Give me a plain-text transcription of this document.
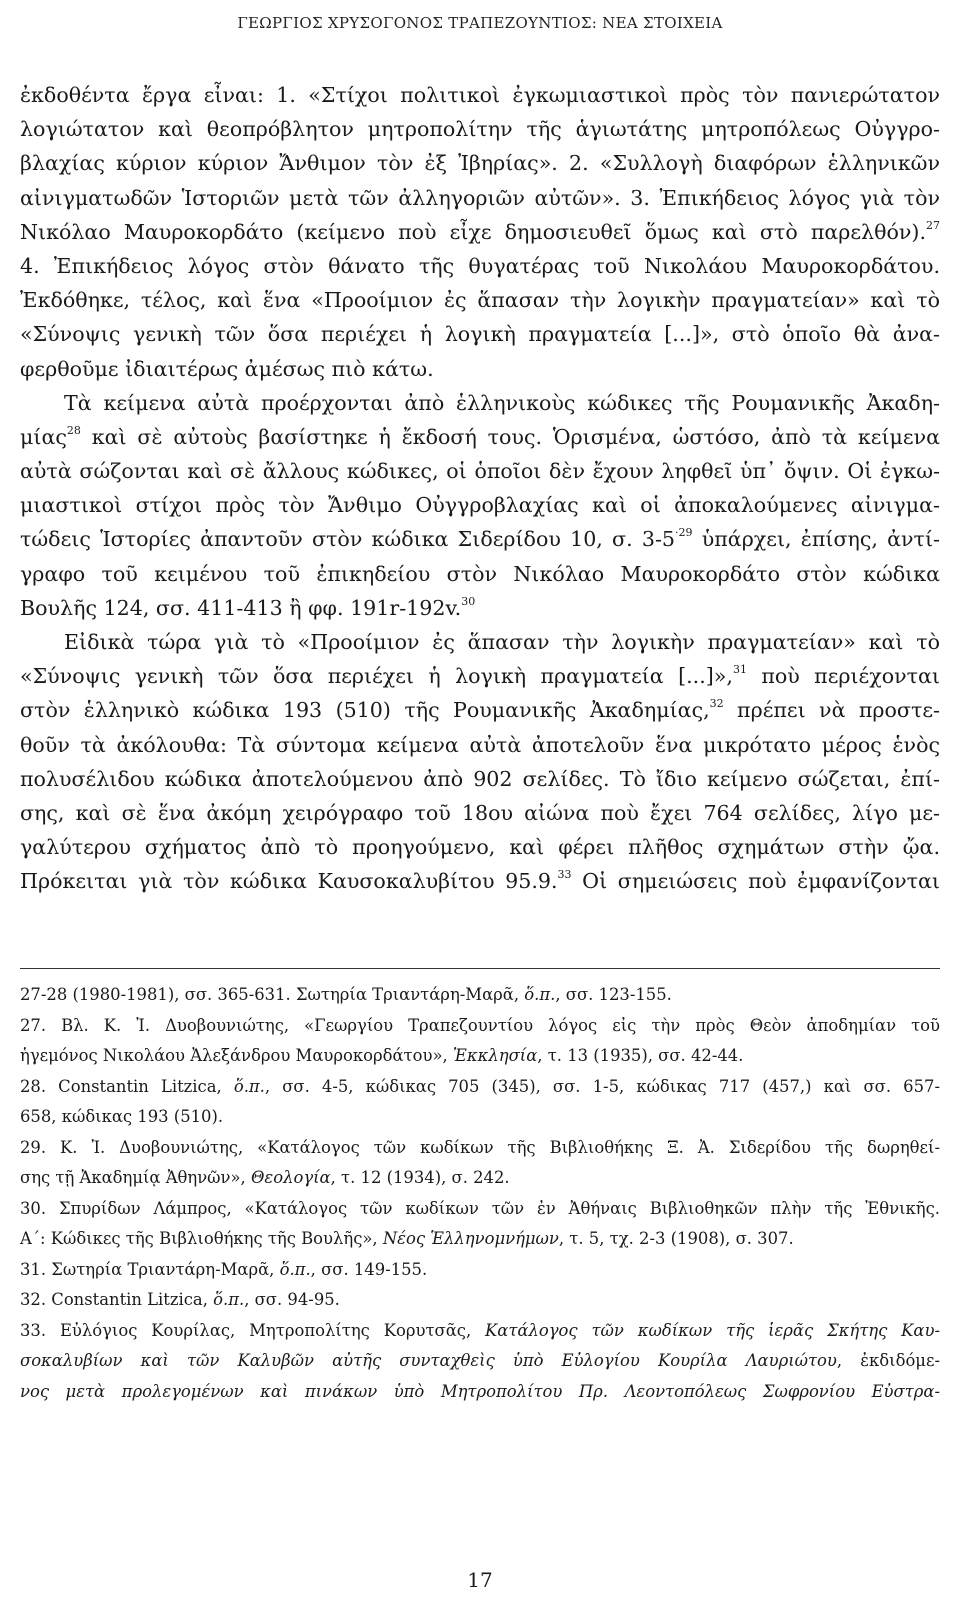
ΓΕΩΡΓΙΟΣ ΧΡΥΣΟΓΟΝΟΣ ΤΡΑΠΕΖΟΥΝΤΙΟΣ: ΝΕΑ ΣΤΟΙΧΕΙΑ
ἐκδοθέντα ἔργα εἶναι: 1. «Στίχοι πολιτικοὶ ἐγκωμιαστικοὶ πρὸς τὸν πανιερώτατον
λογιώτατον καὶ θεοπρόβλητον μητροπολίτην τῆς ἁγιωτάτης μητροπόλεως Οὐγγρο-
βλαχίας κύριον κύριον Ἄνθιμον τὸν ἐξ Ἰβηρίας». 2. «Συλλογὴ διαφόρων ἑλληνικῶν
αἰνιγματωδῶν Ἱστοριῶν μετὰ τῶν ἀλληγοριῶν αὐτῶν». 3. Ἐπικήδειος λόγος γιὰ τὸν
Νικόλαο Μαυροκορδάτο (κείμενο ποὺ εἶχε δημοσιευθεῖ ὅμως καὶ στὸ παρελθόν).$^{27}$
4. Ἐπικήδειος λόγος στὸν θάνατο τῆς θυγατέρας τοῦ Νικολάου Μαυροκορδάτου.
Ἐκδόθηκε, τέλος, καὶ ἕνα «Προοίμιον ἐς ἅπασαν τὴν λογικὴν πραγματείαν» καὶ τὸ
«Σύνοψις γενικὴ τῶν ὅσα περιέχει ἡ λογικὴ πραγματεία [...]», στὸ ὁποῖο θὰ ἀνα-
φερθοῦμε ἰδιαιτέρως ἀμέσως πιὸ κάτω.
Τὰ κείμενα αὐτὰ προέρχονται ἀπὸ ἑλληνικοὺς κώδικες τῆς Ρουμανικῆς Ἀκαδη-
μίας$^{28}$ καὶ σὲ αὐτοὺς βασίστηκε ἡ ἔκδοσή τους. Ὁρισμένα, ὡστόσο, ἀπὸ τὰ κείμενα
αὐτὰ σώζονται καὶ σὲ ἄλλους κώδικες, οἱ ὁποῖοι δὲν ἔχουν ληφθεῖ ὑπ᾿ ὄψιν. Οἱ ἐγκω-
μιαστικοὶ στίχοι πρὸς τὸν Ἄνθιμο Οὐγγροβλαχίας καὶ οἱ ἀποκαλούμενες αἰνιγμα-
τώδεις Ἱστορίες ἀπαντοῦν στὸν κώδικα Σιδερίδου 10, σ. $3-5^{\cdot 29}$ ὑπάρχει, ἐπίσης, ἀντί-
γραφο τοῦ κειμένου τοῦ ἐπικηδείου στὸν Νικόλαο Μαυροκορδάτο στὸν κώδικα
Βουλῆς 124, σσ. 411-413 ἢ φφ. 191r-192v.$^{30}$
Εἰδικὰ τώρα γιὰ τὸ «Προοίμιον ἐς ἅπασαν τὴν λογικὴν πραγματείαν» καὶ τὸ
«Σύνοψις γενικὴ τῶν ὅσα περιέχει ἡ λογικὴ πραγματεία [...]»,$^{31}$ ποὺ περιέχονται
στὸν ἑλληνικὸ κώδικα 193 (510) τῆς Ρουμανικῆς Ἀκαδημίας,$^{32}$ πρέπει νὰ προστε-
θοῦν τὰ ἀκόλουθα: Τὰ σύντομα κείμενα αὐτὰ ἀποτελοῦν ἕνα μικρότατο μέρος ἑνὸς
πολυσέλιδου κώδικα ἀποτελούμενου ἀπὸ 902 σελίδες. Τὸ ἴδιο κείμενο σώζεται, ἐπί-
σης, καὶ σὲ ἕνα ἀκόμη χειρόγραφο τοῦ 18ου αἰώνα ποὺ ἔχει 764 σελίδες, λίγο με-
γαλύτερου σχήματος ἀπὸ τὸ προηγούμενο, καὶ φέρει πλῆθος σχημάτων στὴν ᾤα.
Πρόκειται γιὰ τὸν κώδικα Καυσοκαλυβίτου 95.9.33 Οἱ σημειώσεις ποὺ ἐμφανίζονται
27-28 (1980-1981), σσ. 365-631. Σωτηρία Τριαντάρη-Μαρᾶ, ὅ.π., σσ. 123-155.
27. Βλ. Κ. Ἰ. Δυοβουνιώτης, «Γεωργίου Τραπεζουντίου λόγος εἰς τὴν πρὸς Θεὸν ἀποδημίαν τοῦ
ἡγεμόνος Νικολάου Ἀλεξάνδρου Μαυροκορδάτου», Ἐκκλησία, τ. 13 (1935), σσ. 42-44.
28. Constantin Litzica, ὅ.π., σσ. 4-5, κώδικας 705 (345), σσ. 1-5, κώδικας 717 (457,) καὶ σσ. 657-
658, κώδικας 193 (510).
29. Κ. Ἰ. Δυοβουνιώτης, «Κατάλογος τῶν κωδίκων τῆς Βιβλιοθήκης Ξ. Ἀ. Σιδερίδου τῆς δωρηθεί-
σης τῇ Ἀκαδημίᾳ Ἀθηνῶν», Θεολογία, τ. 12 (1934), σ. 242.
30. Σπυρίδων Λάμπρος, «Κατάλογος τῶν κωδίκων τῶν ἐν Ἀθήναις Βιβλιοθηκῶν πλὴν τῆς Ἐθνικῆς.
Α΄: Κώδικες τῆς Βιβλιοθήκης τῆς Βουλῆς», Νέος Ἑλληνομνήμων, τ. 5, τχ. 2-3 (1908), σ. 307.
31. Σωτηρία Τριαντάρη-Μαρᾶ, ὅ.π., σσ. 149-155.
32. Constantin Litzica, ὅ.π., σσ. 94-95.
33. Εὐλόγιος Κουρίλας, Μητροπολίτης Κορυτσᾶς, Κατάλογος τῶν κωδίκων τῆς ἱερᾶς Σκήτης Καυ-
σοκαλυβίων καὶ τῶν Καλυβῶν αὐτῆς συνταχθεὶς ὑπὸ Εὐλογίου Κουρίλα Λαυριώτου, ἐκδιδόμε-
νος μετὰ προλεγομένων καὶ πινάκων ὑπὸ Μητροπολίτου Πρ. Λεοντοπόλεως Σωφρονίου Εὐστρα-
17
